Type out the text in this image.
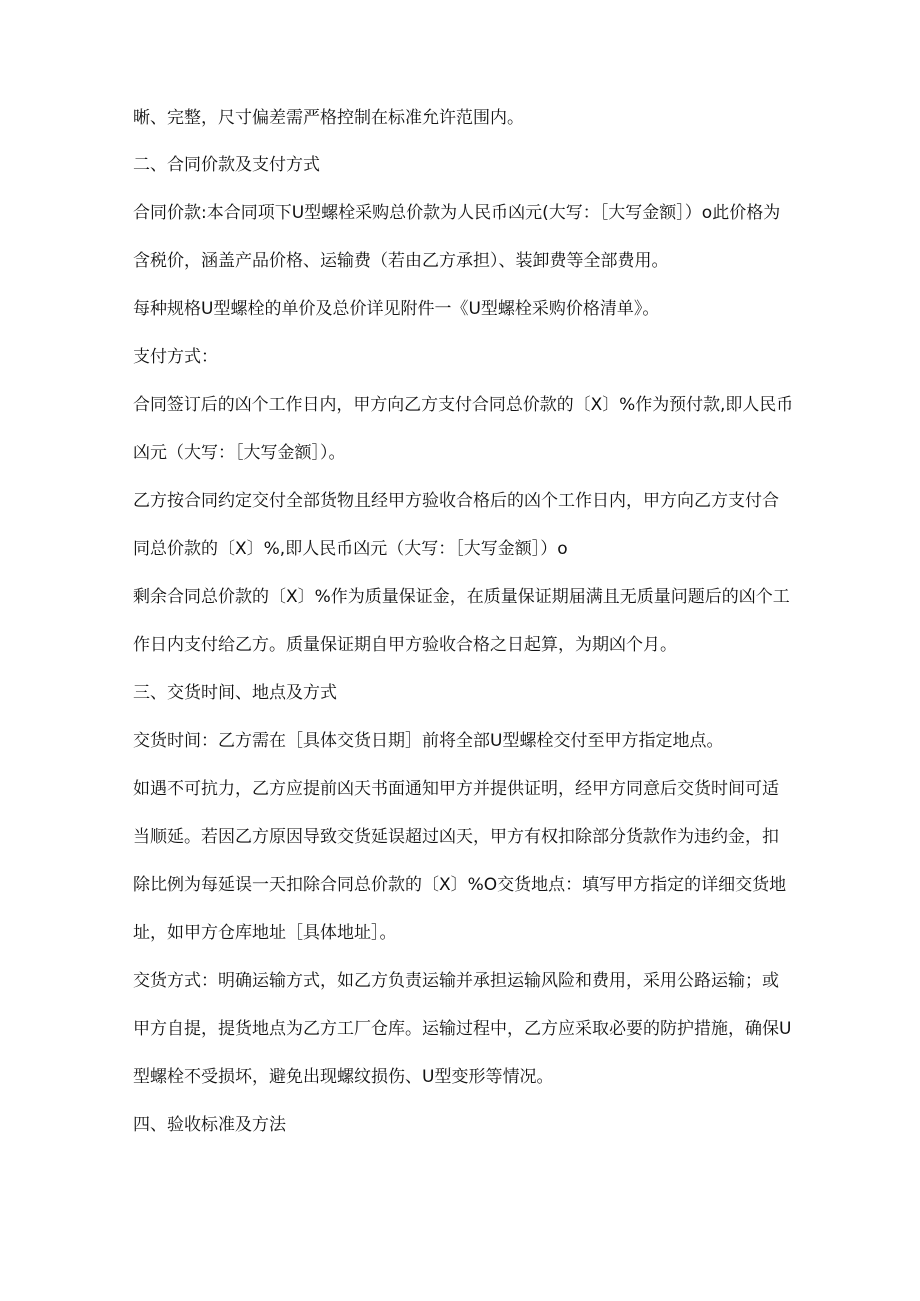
晰、完整，尺寸偏差需严格控制在标准允许范围内。
二、合同价款及支付方式
合同价款:本合同项下U型螺栓采购总价款为人民币凶元(大写：［大写金额］）o此价格为
含税价，涵盖产品价格、运输费（若由乙方承担）、装卸费等全部费用。
每种规格U型螺栓的单价及总价详见附件一《U型螺栓采购价格清单》。
支付方式：
合同签订后的凶个工作日内，甲方向乙方支付合同总价款的〔X〕%作为预付款,即人民币
凶元（大写：［大写金额］）。
乙方按合同约定交付全部货物且经甲方验收合格后的凶个工作日内，甲方向乙方支付合
同总价款的〔X〕%,即人民币凶元（大写：［大写金额］）o
剩余合同总价款的〔X〕%作为质量保证金，在质量保证期届满且无质量问题后的凶个工
作日内支付给乙方。质量保证期自甲方验收合格之日起算，为期凶个月。
三、交货时间、地点及方式
交货时间：乙方需在［具体交货日期］前将全部U型螺栓交付至甲方指定地点。
如遇不可抗力，乙方应提前凶天书面通知甲方并提供证明，经甲方同意后交货时间可适
当顺延。若因乙方原因导致交货延误超过凶天，甲方有权扣除部分货款作为违约金，扣
除比例为每延误一天扣除合同总价款的〔X〕%O交货地点：填写甲方指定的详细交货地
址，如甲方仓库地址［具体地址］。
交货方式：明确运输方式，如乙方负责运输并承担运输风险和费用，采用公路运输；或
甲方自提，提货地点为乙方工厂仓库。运输过程中，乙方应采取必要的防护措施，确保U
型螺栓不受损坏，避免出现螺纹损伤、U型变形等情况。
四、验收标准及方法
